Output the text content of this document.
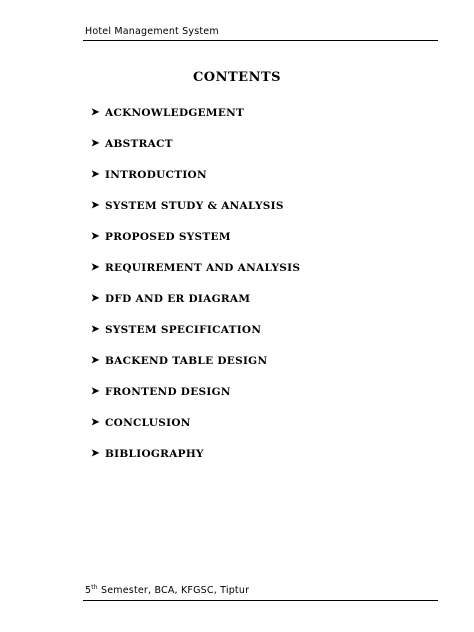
Hotel Management System
CONTENTS
➤ ACKNOWLEDGEMENT
➤ ABSTRACT
➤ INTRODUCTION
➤ SYSTEM STUDY & ANALYSIS
➤ PROPOSED SYSTEM
➤ REQUIREMENT AND ANALYSIS
➤ DFD AND ER DIAGRAM
➤ SYSTEM SPECIFICATION
➤ BACKEND TABLE DESIGN
➤ FRONTEND DESIGN
➤ CONCLUSION
➤ BIBLIOGRAPHY
5th Semester, BCA, KFGSC, Tiptur
